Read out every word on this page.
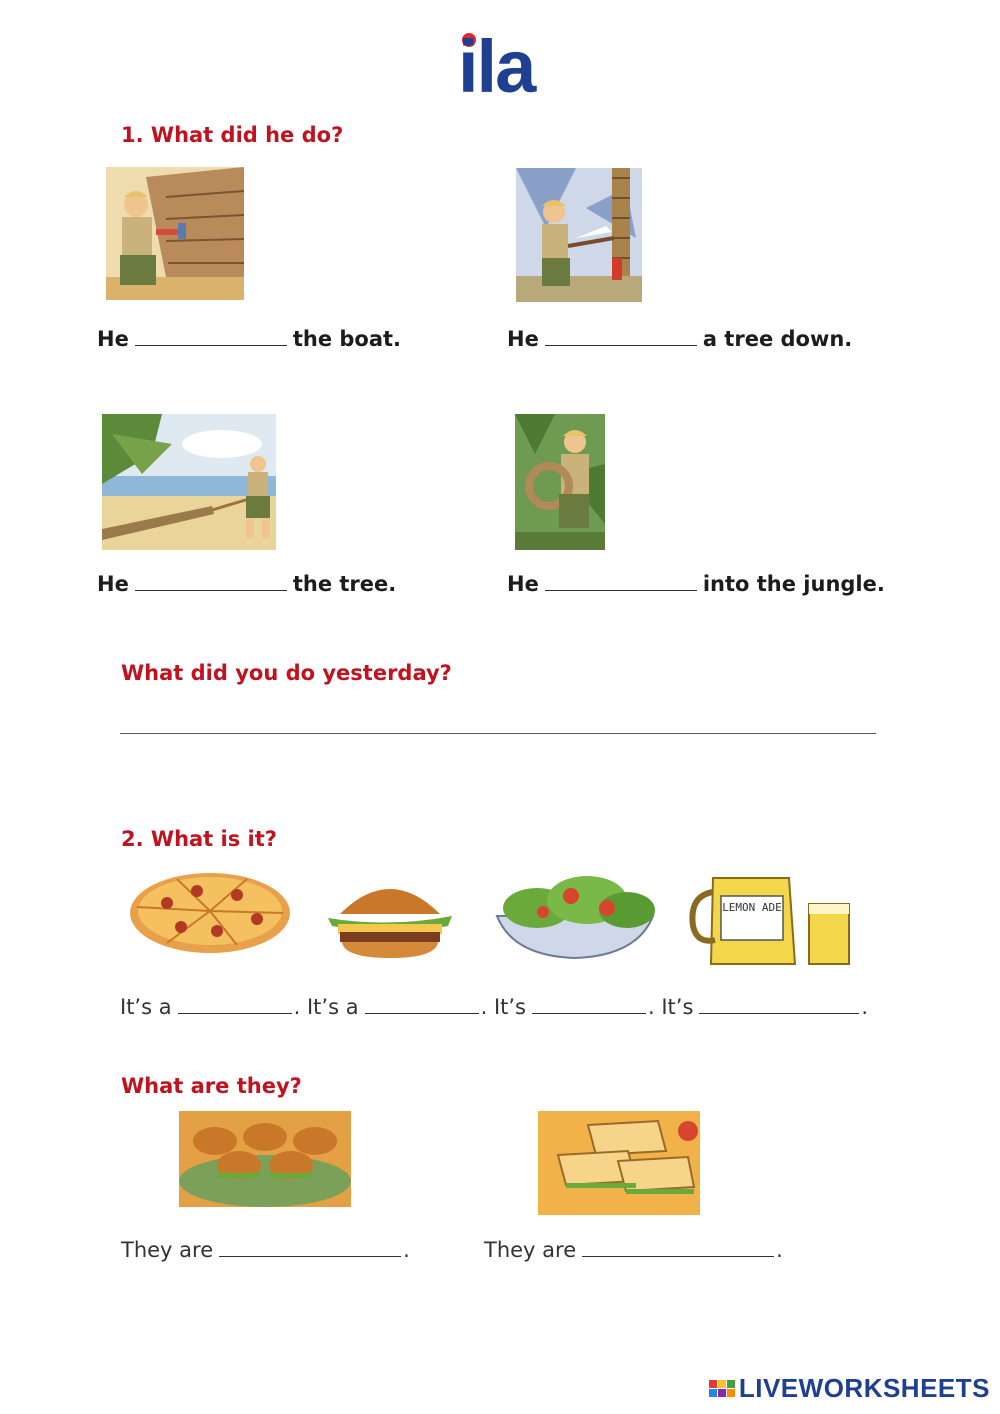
ila
1. What did he do?
He	the boat.	He	a tree down.
He	the tree.	He	into the jungle.
What did you do yesterday?
2. What is it?
LEMON ADE
It’s a	. It’s a	. It’s	. It’s	.
What are they?
They are	.	They are	.
LIVEWORKSHEETS
